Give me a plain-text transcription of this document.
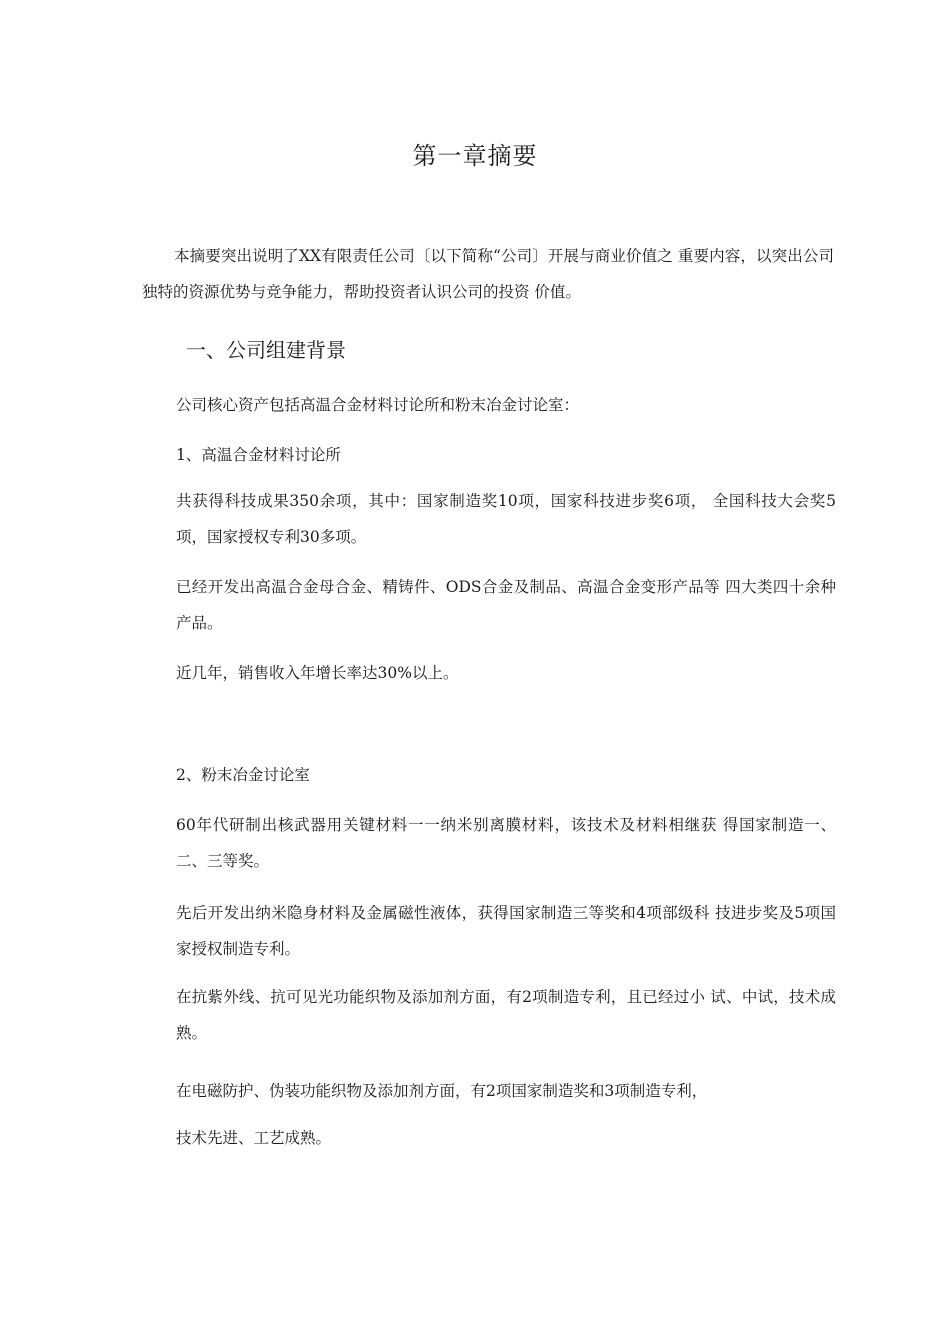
第一章摘要
本摘要突出说明了XX有限责任公司〔以下简称“公司〕开展与商业价值之 重要内容，以突出公司独特的资源优势与竞争能力，帮助投资者认识公司的投资 价值。
一、公司组建背景
公司核心资产包括高温合金材料讨论所和粉末冶金讨论室：
1、高温合金材料讨论所
共获得科技成果350余项，其中：国家制造奖10项，国家科技进步奖6项， 全国科技大会奖5项，国家授权专利30多项。
已经开发出高温合金母合金、精铸件、ODS合金及制品、高温合金变形产品等 四大类四十余种产品。
近几年，销售收入年增长率达30%以上。
2、粉末冶金讨论室
60年代研制出核武器用关键材料一一纳米别离膜材料，该技术及材料相继获 得国家制造一、二、三等奖。
先后开发出纳米隐身材料及金属磁性液体，获得国家制造三等奖和4项部级科 技进步奖及5项国家授权制造专利。
在抗紫外线、抗可见光功能织物及添加剂方面，有2项制造专利，且已经过小 试、中试，技术成熟。
在电磁防护、伪装功能织物及添加剂方面，有2项国家制造奖和3项制造专利，
技术先进、工艺成熟。
